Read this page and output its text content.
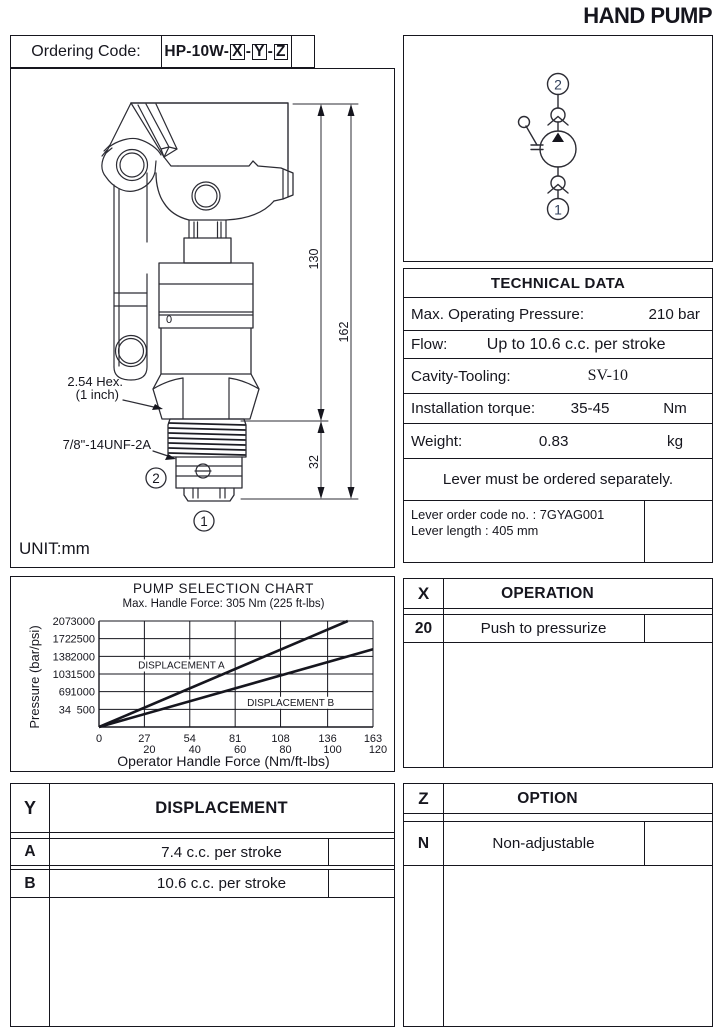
HAND PUMP
Ordering Code:	HP-10W- X - Y - Z
2
1
0
2.54 Hex.
(1 inch)
7/8"-14UNF-2A
130
32
162
UNIT:mm
2
1
TECHNICAL DATA
Max. Operating Pressure:	210 bar
Flow:	Up to 10.6 c.c. per stroke
Cavity-Tooling:	SV-10
Installation torque:	35-45	Nm
Weight:	0.83	kg
Lever must be ordered separately.
Lever order code no. : 7GYAG001
Lever length : 405 mm
PUMP SELECTION CHART
Max. Handle Force: 305 Nm (225 ft-lbs)
0	27
20
54
40
81
60
108
80
136
100
163
120
500
34
1000
69
1500
103
2000
138
2500
172
3000
207
DISPLACEMENT A
DISPLACEMENT B
Operator Handle Force (Nm/ft-lbs)
Pressure (bar/psi)
X	OPERATION
20	Push to pressurize
Y	DISPLACEMENT
A	7.4 c.c. per stroke
B	10.6 c.c. per stroke
Z	OPTION
N	Non-adjustable
